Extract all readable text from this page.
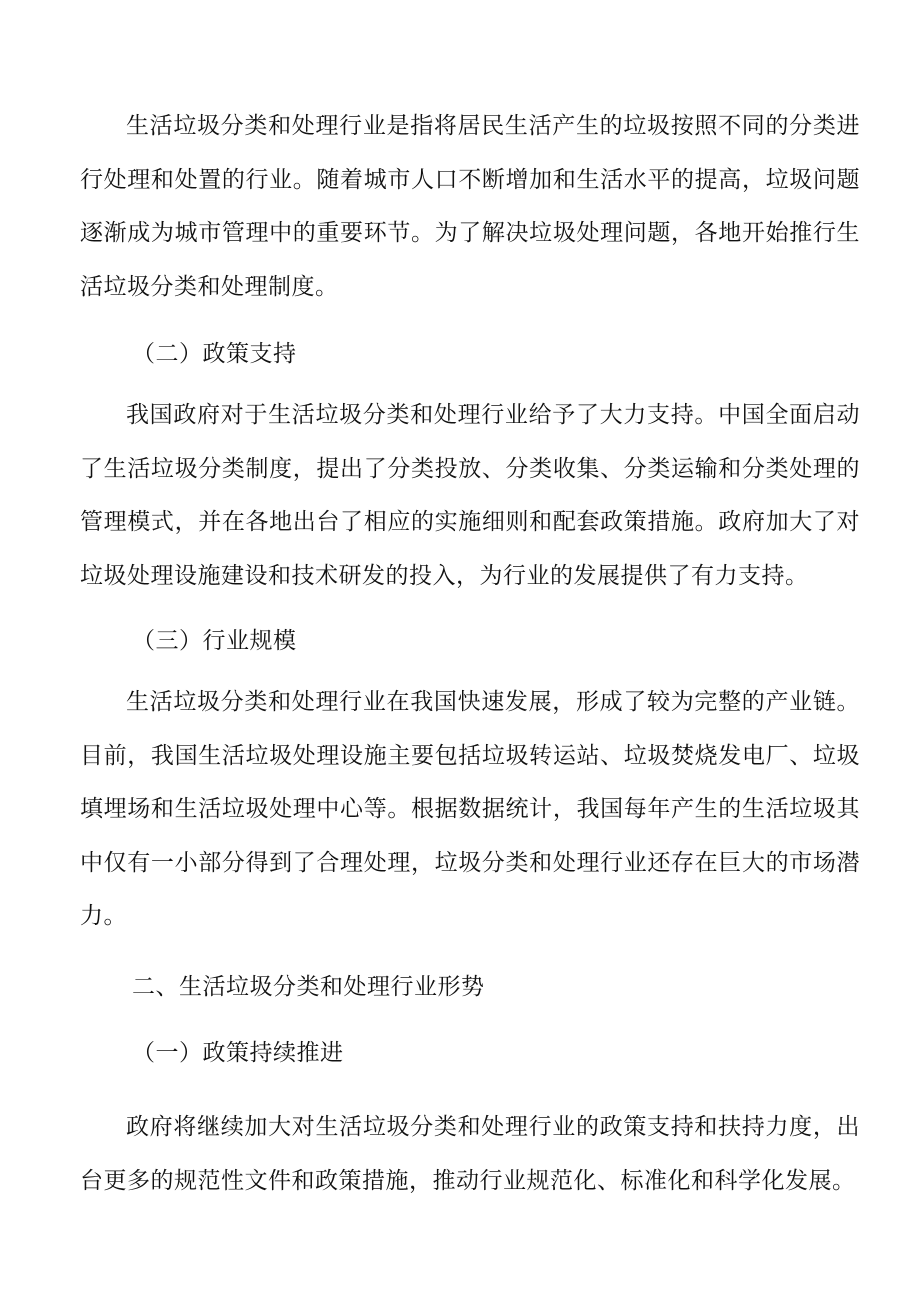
生活垃圾分类和处理行业是指将居民生活产生的垃圾按照不同的分类进行处理和处置的行业。随着城市人口不断增加和生活水平的提高，垃圾问题逐渐成为城市管理中的重要环节。为了解决垃圾处理问题，各地开始推行生活垃圾分类和处理制度。

（二）政策支持

我国政府对于生活垃圾分类和处理行业给予了大力支持。中国全面启动了生活垃圾分类制度，提出了分类投放、分类收集、分类运输和分类处理的管理模式，并在各地出台了相应的实施细则和配套政策措施。政府加大了对垃圾处理设施建设和技术研发的投入，为行业的发展提供了有力支持。

（三）行业规模

生活垃圾分类和处理行业在我国快速发展，形成了较为完整的产业链。目前，我国生活垃圾处理设施主要包括垃圾转运站、垃圾焚烧发电厂、垃圾填埋场和生活垃圾处理中心等。根据数据统计，我国每年产生的生活垃圾其中仅有一小部分得到了合理处理，垃圾分类和处理行业还存在巨大的市场潜力。

二、生活垃圾分类和处理行业形势

（一）政策持续推进

政府将继续加大对生活垃圾分类和处理行业的政策支持和扶持力度，出台更多的规范性文件和政策措施，推动行业规范化、标准化和科学化发展。
